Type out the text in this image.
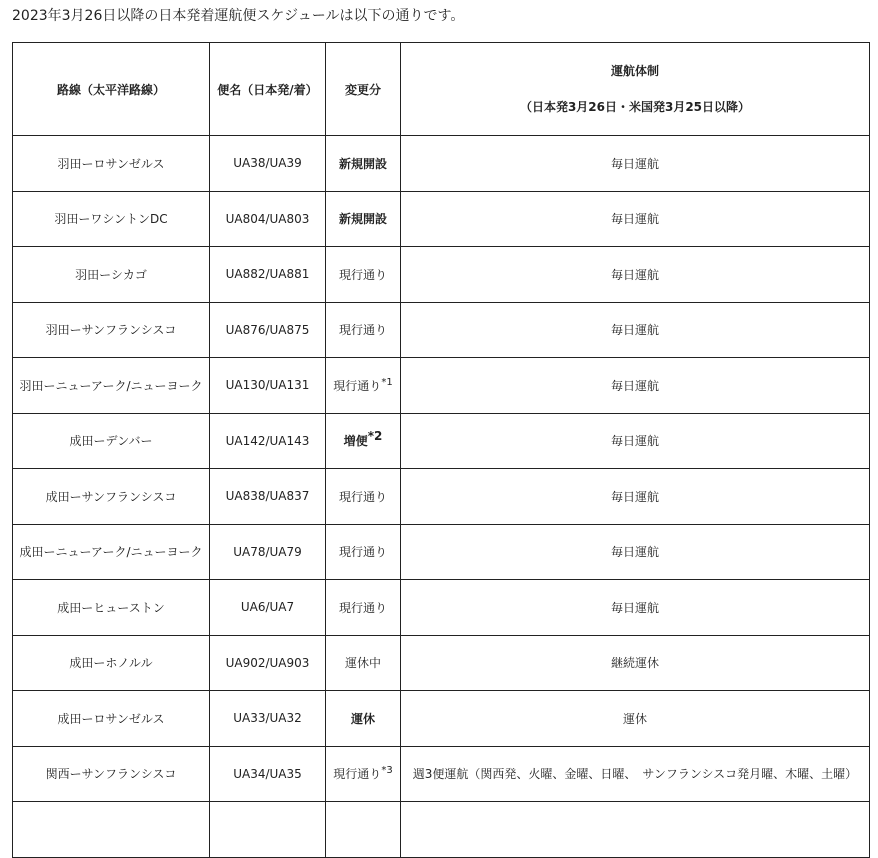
2023年3月26日以降の日本発着運航便スケジュールは以下の通りです。
路線（太平洋路線）	便名（日本発/着）	変更分	運航体制
（日本発3月26日・米国発3月25日以降）

羽田ーロサンゼルス	UA38/UA39	新規開設	毎日運航
羽田ーワシントンDC	UA804/UA803	新規開設	毎日運航
羽田ーシカゴ	UA882/UA881	現行通り	毎日運航
羽田ーサンフランシスコ	UA876/UA875	現行通り	毎日運航
羽田ーニューアーク/ニューヨーク	UA130/UA131	現行通り$^{*1}$	毎日運航
成田ーデンバー	UA142/UA143	増便$^{*2}$	毎日運航
成田ーサンフランシスコ	UA838/UA837	現行通り	毎日運航
成田ーニューアーク/ニューヨーク	UA78/UA79	現行通り	毎日運航
成田ーヒューストン	UA6/UA7	現行通り	毎日運航
成田ーホノルル	UA902/UA903	運休中	継続運休
成田ーロサンゼルス	UA33/UA32	運休	運休
関西ーサンフランシスコ	UA34/UA35	現行通り$^{*3}$	週3便運航（関西発、火曜、金曜、日曜、　サンフランシスコ発月曜、木曜、土曜）
